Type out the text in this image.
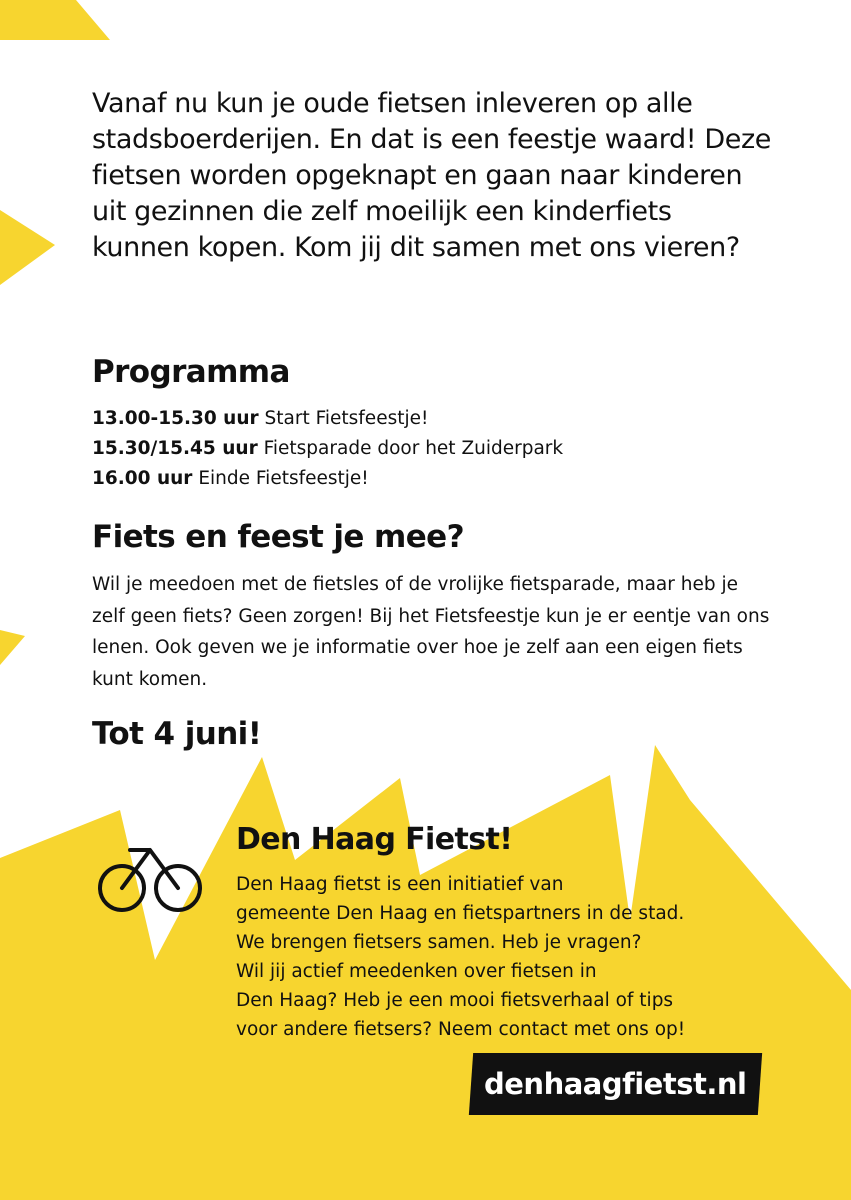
Vanaf nu kun je oude fietsen inleveren op alle stadsboerderijen. En dat is een feestje waard! Deze fietsen worden opgeknapt en gaan naar kinderen uit gezinnen die zelf moeilijk een kinderfiets kunnen kopen. Kom jij dit samen met ons vieren?

Programma
13.00-15.30 uur Start Fietsfeestje!
15.30/15.45 uur Fietsparade door het Zuiderpark
16.00 uur Einde Fietsfeestje!
Fiets en feest je mee?

Wil je meedoen met de fietsles of de vrolijke fietsparade, maar heb je zelf geen fiets? Geen zorgen! Bij het Fietsfeestje kun je er eentje van ons lenen. Ook geven we je informatie over hoe je zelf aan een eigen fiets kunt komen.

Tot 4 juni!
Den Haag Fietst!

Den Haag fietst is een initiatief van
gemeente Den Haag en fietspartners in de stad.
We brengen fietsers samen. Heb je vragen?
Wil jij actief meedenken over fietsen in
Den Haag? Heb je een mooi fietsverhaal of tips
voor andere fietsers? Neem contact met ons op!

denhaagfietst.nl
